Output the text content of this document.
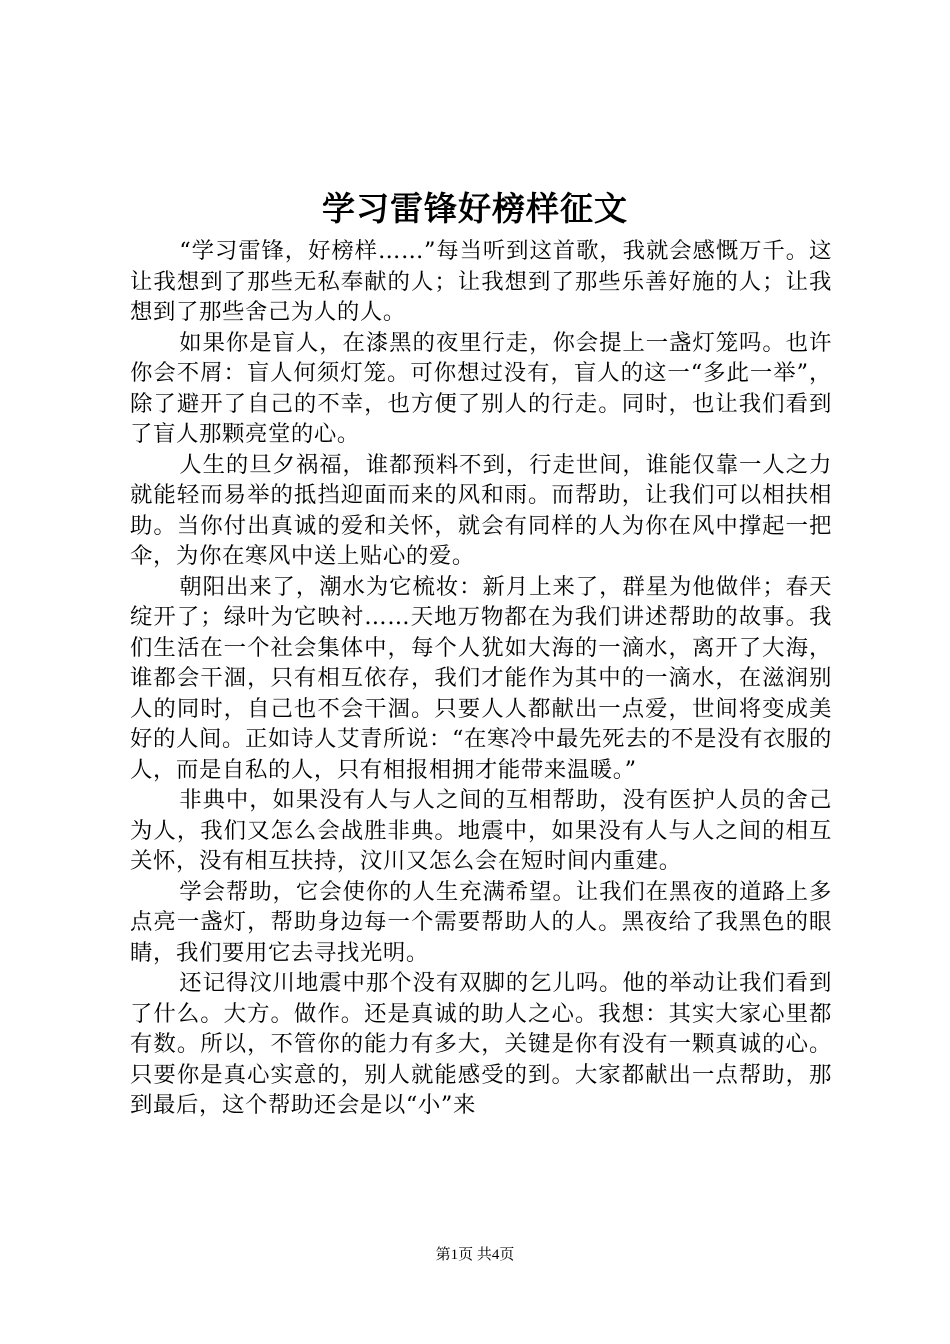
学习雷锋好榜样征文

“学习雷锋，好榜样……”每当听到这首歌，我就会感慨万千。这让我想到了那些无私奉献的人；让我想到了那些乐善好施的人；让我想到了那些舍己为人的人。

如果你是盲人，在漆黑的夜里行走，你会提上一盏灯笼吗。也许你会不屑：盲人何须灯笼。可你想过没有，盲人的这一“多此一举”，除了避开了自己的不幸，也方便了别人的行走。同时，也让我们看到了盲人那颗亮堂的心。

人生的旦夕祸福，谁都预料不到，行走世间，谁能仅靠一人之力就能轻而易举的抵挡迎面而来的风和雨。而帮助，让我们可以相扶相助。当你付出真诚的爱和关怀，就会有同样的人为你在风中撑起一把伞，为你在寒风中送上贴心的爱。

朝阳出来了，潮水为它梳妆：新月上来了，群星为他做伴；春天绽开了；绿叶为它映衬……天地万物都在为我们讲述帮助的故事。我们生活在一个社会集体中，每个人犹如大海的一滴水，离开了大海，谁都会干涸，只有相互依存，我们才能作为其中的一滴水，在滋润别人的同时，自己也不会干涸。只要人人都献出一点爱，世间将变成美好的人间。正如诗人艾青所说：“在寒冷中最先死去的不是没有衣服的人，而是自私的人，只有相报相拥才能带来温暖。”

非典中，如果没有人与人之间的互相帮助，没有医护人员的舍己为人，我们又怎么会战胜非典。地震中，如果没有人与人之间的相互关怀，没有相互扶持，汶川又怎么会在短时间内重建。

学会帮助，它会使你的人生充满希望。让我们在黑夜的道路上多点亮一盏灯，帮助身边每一个需要帮助人的人。黑夜给了我黑色的眼睛，我们要用它去寻找光明。

还记得汶川地震中那个没有双脚的乞儿吗。他的举动让我们看到了什么。大方。做作。还是真诚的助人之心。我想：其实大家心里都有数。所以，不管你的能力有多大，关键是你有没有一颗真诚的心。只要你是真心实意的，别人就能感受的到。大家都献出一点帮助，那到最后，这个帮助还会是以“小”来

第1页 共4页
